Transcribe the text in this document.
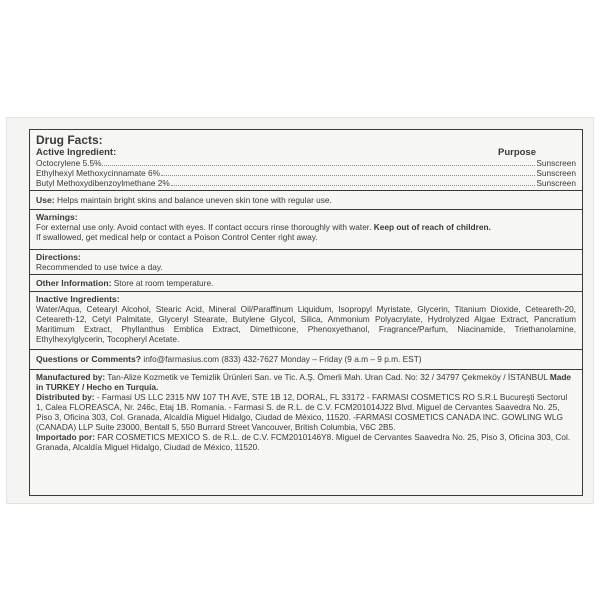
Drug Facts:
Active Ingredient:	Purpose
Octocrylene 5.5%	Sunscreen
Ethylhexyl Methoxycinnamate 6%	Sunscreen
Butyl Methoxydibenzoylmethane 2%	Sunscreen
Use: Helps maintain bright skins and balance uneven skin tone with regular use.
Warnings:
For external use only. Avoid contact with eyes. If contact occurs rinse thoroughly with water. Keep out of reach of children.
If swallowed, get medical help or contact a Poison Control Center right away.
Directions:
Recommended to use twice a day.
Other Information: Store at room temperature.
Inactive Ingredients:
Water/Aqua, Cetearyl Alcohol, Stearic Acid, Mineral Oil/Paraffinum Liquidum, Isopropyl Myristate, Glycerin, Titanium Dioxide, Ceteareth-20, Ceteareth-12, Cetyl Palmitate, Glyceryl Stearate, Butylene Glycol, Silica, Ammonium Polyacrylate, Hydrolyzed Algae Extract, Pancratium Maritimum Extract, Phyllanthus Emblica Extract, Dimethicone, Phenoxyethanol, Fragrance/Parfum, Niacinamide, Triethanolamine, Ethylhexylglycerin, Tocopheryl Acetate.
Questions or Comments? info@farmasius.com (833) 432-7627 Monday – Friday (9 a.m – 9 p.m. EST)
Manufactured by: Tan-Alize Kozmetik ve Temizlik Ürünleri San. ve Tic. A.Ş. Ömerli Mah. Uran Cad. No: 32 / 34797 Çekmeköy / İSTANBUL Made in TURKEY / Hecho en Turquía.
Distributed by: - Farmasi US LLC 2315 NW 107 TH AVE, STE 1B 12, DORAL, FL 33172 - FARMASI COSMETICS RO S.R.L Bucureşti Sectorul 1, Calea FLOREASCA, Nr. 246c, Etaj 1B. Romania. - Farmasi S. de R.L. de C.V. FCM201014J22 Blvd. Miguel de Cervantes Saavedra No. 25, Piso 3, Oficina 303, Col. Granada, Alcaldía Miguel Hidalgo, Ciudad de México, 11520. -FARMASI COSMETICS CANADA INC. GOWLING WLG (CANADA) LLP Suite 23000, Bentall 5, 550 Burrard Street Vancouver, British Columbia, V6C 2B5.
Importado por: FAR COSMETICS MEXICO S. de R.L. de C.V. FCM2010146Y8. Miguel de Cervantes Saavedra No. 25, Piso 3, Oficina 303, Col. Granada, Alcaldía Miguel Hidalgo, Ciudad de México, 11520.
